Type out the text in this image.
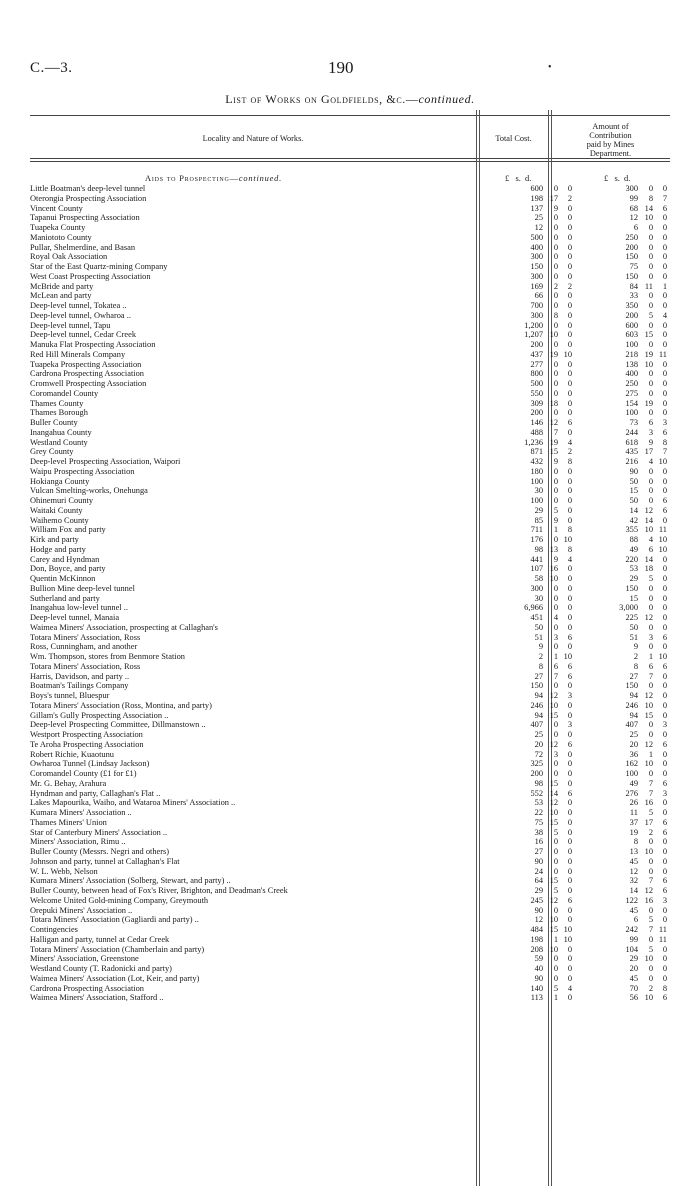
C.—3.	190	•
List of Works on Goldfields, &c.—continued.
Locality and Nature of Works.	Total Cost.
Amount of
Contribution
paid by Mines
Department.
Aids to Prospecting—continued.	£   s.  d.	£   s.  d.
Little Boatman's deep-level tunnel	600 0 0	300 0 0
Oterongia Prospecting Association	198 17 2	99 8 7
Vincent County	137 9 0	68 14 6
Tapanui Prospecting Association	25 0 0	12 10 0
Tuapeka County	12 0 0	6 0 0
Maniototo County	500 0 0	250 0 0
Pullar, Shelmerdine, and Basan	400 0 0	200 0 0
Royal Oak Association	300 0 0	150 0 0
Star of the East Quartz-mining Company	150 0 0	75 0 0
West Coast Prospecting Association	300 0 0	150 0 0
McBride and party	169 2 2	84 11 1
McLean and party	66 0 0	33 0 0
Deep-level tunnel, Tokatea ..	700 0 0	350 0 0
Deep-level tunnel, Owharoa ..	300 8 0	200 5 4
Deep-level tunnel, Tapu	1,200 0 0	600 0 0
Deep-level tunnel, Cedar Creek	1,207 10 0	603 15 0
Manuka Flat Prospecting Association	200 0 0	100 0 0
Red Hill Minerals Company	437 19 10	218 19 11
Tuapeka Prospecting Association	277 0 0	138 10 0
Cardrona Prospecting Association	800 0 0	400 0 0
Cromwell Prospecting Association	500 0 0	250 0 0
Coromandel County	550 0 0	275 0 0
Thames County	309 18 0	154 19 0
Thames Borough	200 0 0	100 0 0
Buller County	146 12 6	73 6 3
Inangahua County	488 7 0	244 3 6
Westland County	1,236 19 4	618 9 8
Grey County	871 15 2	435 17 7
Deep-level Prospecting Association, Waipori	432 9 8	216 4 10
Waipu Prospecting Association	180 0 0	90 0 0
Hokianga County	100 0 0	50 0 0
Vulcan Smelting-works, Onehunga	30 0 0	15 0 0
Ohinemuri County	100 0 0	50 0 6
Waitaki County	29 5 0	14 12 6
Waihemo County	85 9 0	42 14 0
William Fox and party	711 1 8	355 10 11
Kirk and party	176 0 10	88 4 10
Hodge and party	98 13 8	49 6 10
Carey and Hyndman	441 9 4	220 14 0
Don, Boyce, and party	107 16 0	53 18 0
Quentin McKinnon	58 10 0	29 5 0
Bullion Mine deep-level tunnel	300 0 0	150 0 0
Sutherland and party	30 0 0	15 0 0
Inangahua low-level tunnel ..	6,966 0 0	3,000 0 0
Deep-level tunnel, Manaia	451 4 0	225 12 0
Waimea Miners' Association, prospecting at Callaghan's	50 0 0	50 0 0
Totara Miners' Association, Ross	51 3 6	51 3 6
Ross, Cunningham, and another	9 0 0	9 0 0
Wm. Thompson, stores from Benmore Station	2 1 10	2 1 10
Totara Miners' Association, Ross	8 6 6	8 6 6
Harris, Davidson, and party ..	27 7 6	27 7 0
Boatman's Tailings Company	150 0 0	150 0 0
Boys's tunnel, Bluespur	94 12 3	94 12 0
Totara Miners' Association (Ross, Montina, and party)	246 10 0	246 10 0
Gillam's Gully Prospecting Association ..	94 15 0	94 15 0
Deep-level Prospecting Committee, Dillmanstown ..	407 0 3	407 0 3
Westport Prospecting Association	25 0 0	25 0 0
Te Aroha Prospecting Association	20 12 6	20 12 6
Robert Richie, Kuaotunu	72 3 0	36 1 0
Owharoa Tunnel (Lindsay Jackson)	325 0 0	162 10 0
Coromandel County (£1 for £1)	200 0 0	100 0 0
Mr. G. Behay, Arahura	98 15 0	49 7 6
Hyndman and party, Callaghan's Flat ..	552 14 6	276 7 3
Lakes Mapourika, Waiho, and Wataroa Miners' Association ..	53 12 0	26 16 0
Kumara Miners' Association ..	22 10 0	11 5 0
Thames Miners' Union	75 15 0	37 17 6
Star of Canterbury Miners' Association ..	38 5 0	19 2 6
Miners' Association, Rimu ..	16 0 0	8 0 0
Buller County (Messrs. Negri and others)	27 0 0	13 10 0
Johnson and party, tunnel at Callaghan's Flat	90 0 0	45 0 0
W. L. Webb, Nelson	24 0 0	12 0 0
Kumara Miners' Association (Solberg, Stewart, and party) ..	64 15 0	32 7 6
Buller County, between head of Fox's River, Brighton, and Deadman's Creek	29 5 0	14 12 6
Welcome United Gold-mining Company, Greymouth	245 12 6	122 16 3
Orepuki Miners' Association ..	90 0 0	45 0 0
Totara Miners' Association (Gagliardi and party) ..	12 10 0	6 5 0
Contingencies	484 15 10	242 7 11
Halligan and party, tunnel at Cedar Creek	198 1 10	99 0 11
Totara Miners' Association (Chamberlain and party)	208 10 0	104 5 0
Miners' Association, Greenstone	59 0 0	29 10 0
Westland County (T. Radonicki and party)	40 0 0	20 0 0
Waimea Miners' Association (Lot, Keir, and party)	90 0 0	45 0 0
Cardrona Prospecting Association	140 5 4	70 2 8
Waimea Miners' Association, Stafford ..	113 1 0	56 10 6
